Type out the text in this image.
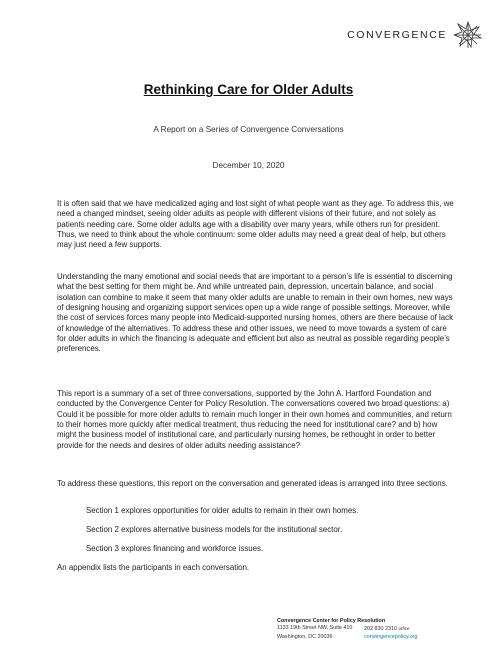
CONVERGENCE
Rethinking Care for Older Adults
A Report on a Series of Convergence Conversations
December 10, 2020

It is often said that we have medicalized aging and lost sight of what people want as they age. To address this, we need a changed mindset, seeing older adults as people with different visions of their future, and not solely as patients needing care. Some older adults age with a disability over many years, while others run for president. Thus, we need to think about the whole continuum: some older adults may need a great deal of help, but others may just need a few supports.

Understanding the many emotional and social needs that are important to a person’s life is essential to discerning what the best setting for them might be. And while untreated pain, depression, uncertain balance, and social isolation can combine to make it seem that many older adults are unable to remain in their own homes, new ways of designing housing and organizing support services open up a wide range of possible settings. Moreover, while the cost of services forces many people into Medicaid-supported nursing homes, others are there because of lack of knowledge of the alternatives. To address these and other issues, we need to move towards a system of care for older adults in which the financing is adequate and efficient but also as neutral as possible regarding people’s preferences.

This report is a summary of a set of three conversations, supported by the John A. Hartford Foundation and conducted by the Convergence Center for Policy Resolution. The conversations covered two broad questions: a) Could it be possible for more older adults to remain much longer in their own homes and communities, and return to their homes more quickly after medical treatment, thus reducing the need for institutional care? and b) how might the business model of institutional care, and particularly nursing homes, be rethought in order to better provide for the needs and desires of older adults needing assistance?

To address these questions, this report on the conversation and generated ideas is arranged into three sections.

Section 1 explores opportunities for older adults to remain in their own homes.
Section 2 explores alternative business models for the institutional sector.
Section 3 explores financing and workforce issues.

An appendix lists the participants in each conversation.

Convergence Center for Policy Resolution
1133 19th Street NW, Suite 410	202 830 2310 office
Washington, DC 20036	convergencepolicy.org
